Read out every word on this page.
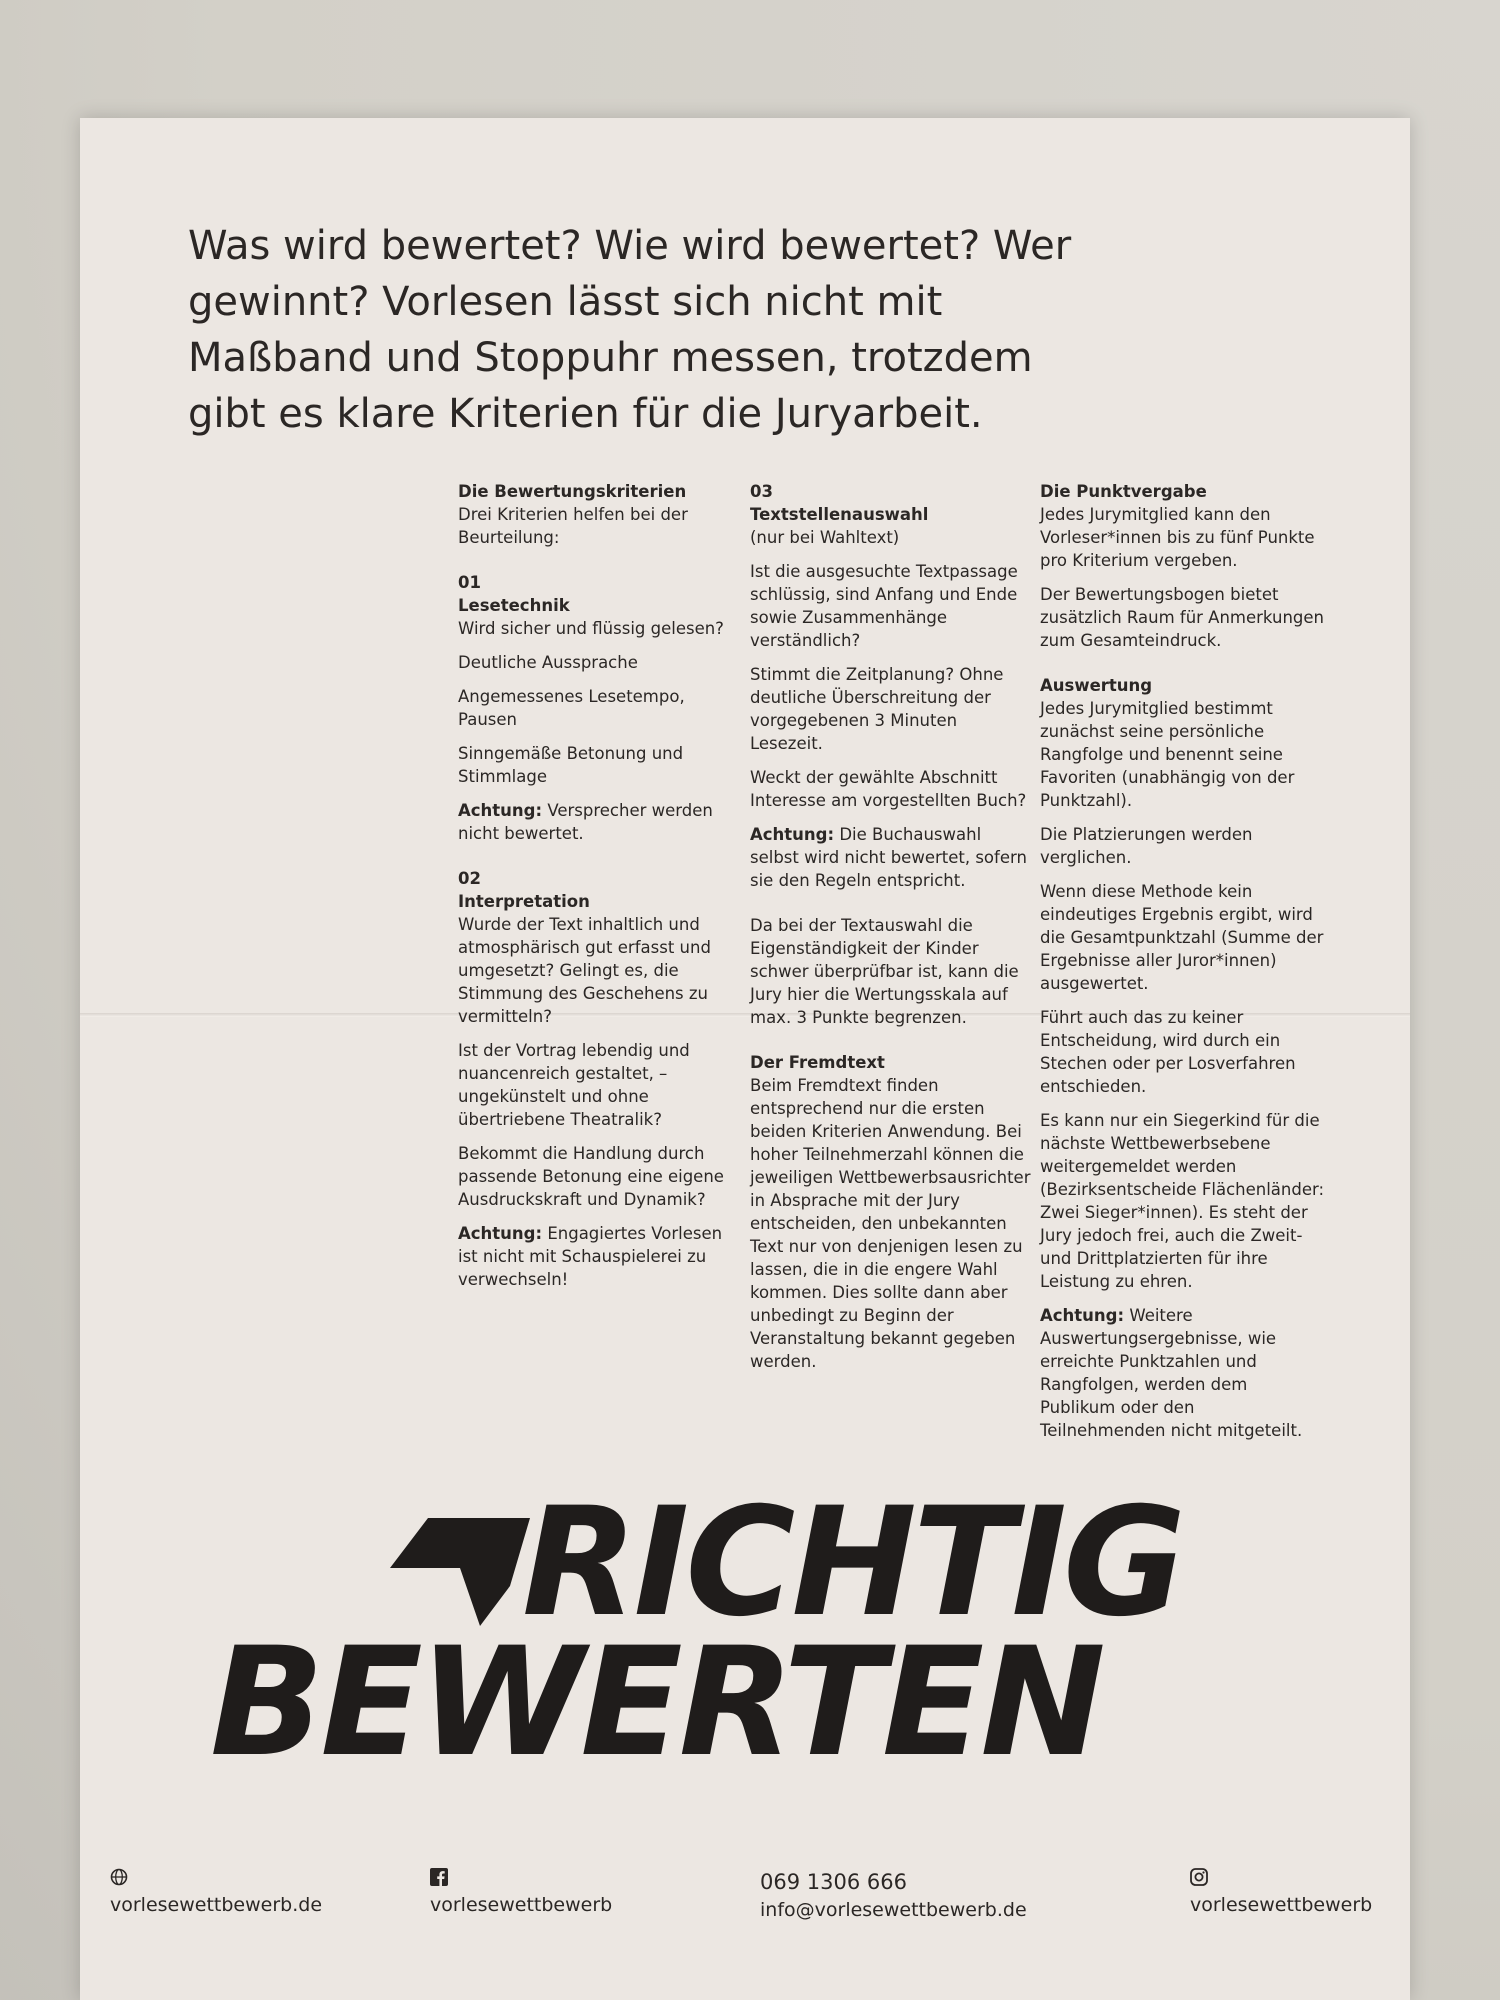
Was wird bewertet? Wie wird bewertet? Wer gewinnt? Vorlesen lässt sich nicht mit Maßband und Stoppuhr messen, trotzdem gibt es klare Kriterien für die Juryarbeit.

Die Bewertungskriterien
Drei Kriterien helfen bei der Beurteilung:

01
Lesetechnik
Wird sicher und flüssig gelesen?

Deutliche Aussprache

Angemessenes Lesetempo, Pausen

Sinngemäße Betonung und Stimmlage

Achtung: Versprecher werden nicht bewertet.

02
Interpretation
Wurde der Text inhaltlich und atmosphärisch gut erfasst und umgesetzt? Gelingt es, die Stimmung des Geschehens zu vermitteln?

Ist der Vortrag lebendig und nuancenreich gestaltet, – ungekünstelt und ohne übertriebene Theatralik?

Bekommt die Handlung durch passende Betonung eine eigene Ausdruckskraft und Dynamik?

Achtung: Engagiertes Vorlesen ist nicht mit Schauspielerei zu verwechseln!

03
Textstellenauswahl
(nur bei Wahltext)

Ist die ausgesuchte Textpassage schlüssig, sind Anfang und Ende sowie Zusammenhänge verständlich?

Stimmt die Zeitplanung? Ohne deutliche Überschreitung der vorgegebenen 3 Minuten Lesezeit.

Weckt der gewählte Abschnitt Interesse am vorgestellten Buch?

Achtung: Die Buchauswahl selbst wird nicht bewertet, sofern sie den Regeln entspricht.

Da bei der Textauswahl die Eigenständigkeit der Kinder schwer überprüfbar ist, kann die Jury hier die Wertungsskala auf max. 3 Punkte begrenzen.

Der Fremdtext
Beim Fremdtext finden entsprechend nur die ersten beiden Kriterien Anwendung. Bei hoher Teilnehmerzahl können die jeweiligen Wettbewerbsausrichter in Absprache mit der Jury entscheiden, den unbekannten Text nur von denjenigen lesen zu lassen, die in die engere Wahl kommen. Dies sollte dann aber unbedingt zu Beginn der Veranstaltung bekannt gegeben werden.

Die Punktvergabe
Jedes Jurymitglied kann den Vorleser*innen bis zu fünf Punkte pro Kriterium vergeben.

Der Bewertungsbogen bietet zusätzlich Raum für Anmerkungen zum Gesamteindruck.

Auswertung
Jedes Jurymitglied bestimmt zunächst seine persönliche Rangfolge und benennt seine Favoriten (unabhängig von der Punktzahl).

Die Platzierungen werden verglichen.

Wenn diese Methode kein eindeutiges Ergebnis ergibt, wird die Gesamtpunktzahl (Summe der Ergebnisse aller Juror*innen) ausgewertet.

Führt auch das zu keiner Entscheidung, wird durch ein Stechen oder per Losverfahren entschieden.

Es kann nur ein Siegerkind für die nächste Wettbewerbsebene weitergemeldet werden (Bezirksentscheide Flächenländer: Zwei Sieger*innen). Es steht der Jury jedoch frei, auch die Zweit- und Drittplatzierten für ihre Leistung zu ehren.

Achtung: Weitere Auswertungsergebnisse, wie erreichte Punktzahlen und Rangfolgen, werden dem Publikum oder den Teilnehmenden nicht mitgeteilt.

RICHTIG
BEWERTEN
vorlesewettbewerb.de	vorlesewettbewerb
069 1306 666
info@vorlesewettbewerb.de	vorlesewettbewerb
